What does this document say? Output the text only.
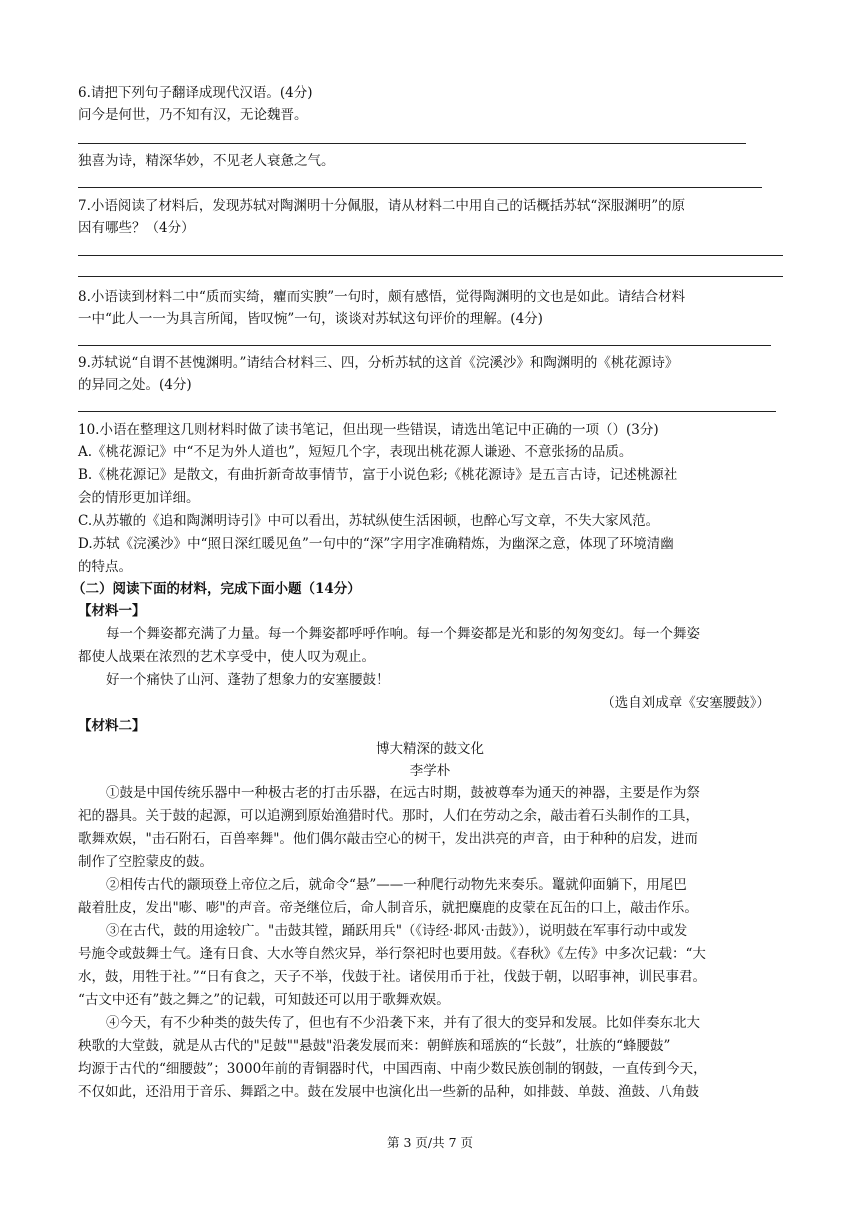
6.请把下列句子翻译成现代汉语。(4分)
问今是何世，乃不知有汉，无论魏晋。
独喜为诗，精深华妙，不见老人衰惫之气。
7.小语阅读了材料后，发现苏轼对陶渊明十分佩服，请从材料二中用自己的话概括苏轼“深服渊明”的原
因有哪些？（4分）
8.小语读到材料二中“质而实绮，癯而实腴”一句时，颇有感悟，觉得陶渊明的文也是如此。请结合材料
一中“此人一一为具言所闻，皆叹惋”一句，谈谈对苏轼这句评价的理解。(4分)
9.苏轼说“自谓不甚愧渊明。”请结合材料三、四，分析苏轼的这首《浣溪沙》和陶渊明的《桃花源诗》
的异同之处。(4分)
10.小语在整理这几则材料时做了读书笔记，但出现一些错误，请选出笔记中正确的一项（）(3分)
A.《桃花源记》中“不足为外人道也”，短短几个字，表现出桃花源人谦逊、不意张扬的品质。
B.《桃花源记》是散文，有曲折新奇故事情节，富于小说色彩;《桃花源诗》是五言古诗，记述桃源社
会的情形更加详细。
C.从苏辙的《追和陶渊明诗引》中可以看出，苏轼纵使生活困顿，也醉心写文章，不失大家风范。
D.苏轼《浣溪沙》中“照日深红暖见鱼”一句中的“深”字用字准确精炼，为幽深之意，体现了环境清幽
的特点。
（二）阅读下面的材料，完成下面小题（14分）
【材料一】
每一个舞姿都充满了力量。每一个舞姿都呼呼作响。每一个舞姿都是光和影的匆匆变幻。每一个舞姿
都使人战栗在浓烈的艺术享受中，使人叹为观止。
好一个痛快了山河、蓬勃了想象力的安塞腰鼓！
（选自刘成章《安塞腰鼓》）
【材料二】
博大精深的鼓文化
李学朴
①鼓是中国传统乐器中一种极古老的打击乐器，在远古时期，鼓被尊奉为通天的神器，主要是作为祭
祀的器具。关于鼓的起源，可以追溯到原始渔猎时代。那时，人们在劳动之余，敲击着石头制作的工具，
歌舞欢娱，"击石附石，百兽率舞"。他们偶尔敲击空心的树干，发出洪亮的声音，由于种种的启发，进而
制作了空腔蒙皮的鼓。
②相传古代的颛顼登上帝位之后，就命令“悬”——一种爬行动物先来奏乐。鼍就仰面躺下，用尾巴
敲着肚皮，发出"嘭、嘭"的声音。帝尧继位后，命人制音乐，就把麋鹿的皮蒙在瓦缶的口上，敲击作乐。
③在古代，鼓的用途较广。"击鼓其镗，踊跃用兵"（《诗经·邶风·击鼓》），说明鼓在军事行动中或发
号施令或鼓舞士气。逢有日食、大水等自然灾异，举行祭祀时也要用鼓。《春秋》《左传》中多次记载：“大
水，鼓，用牲于社。”“日有食之，天子不举，伐鼓于社。诸侯用币于社，伐鼓于朝，以昭事神，训民事君。
“古文中还有”鼓之舞之”的记载，可知鼓还可以用于歌舞欢娱。
④今天，有不少种类的鼓失传了，但也有不少沿袭下来，并有了很大的变异和发展。比如伴奏东北大
秧歌的大堂鼓，就是从古代的"足鼓""悬鼓"沿袭发展而来：朝鲜族和瑶族的“长鼓”，壮族的“蜂腰鼓”
均源于古代的“细腰鼓”；3000年前的青铜器时代，中国西南、中南少数民族创制的钢鼓，一直传到今天，
不仅如此，还沿用于音乐、舞蹈之中。鼓在发展中也演化出一些新的品种，如排鼓、单鼓、渔鼓、八角鼓
第 3 页/共 7 页
